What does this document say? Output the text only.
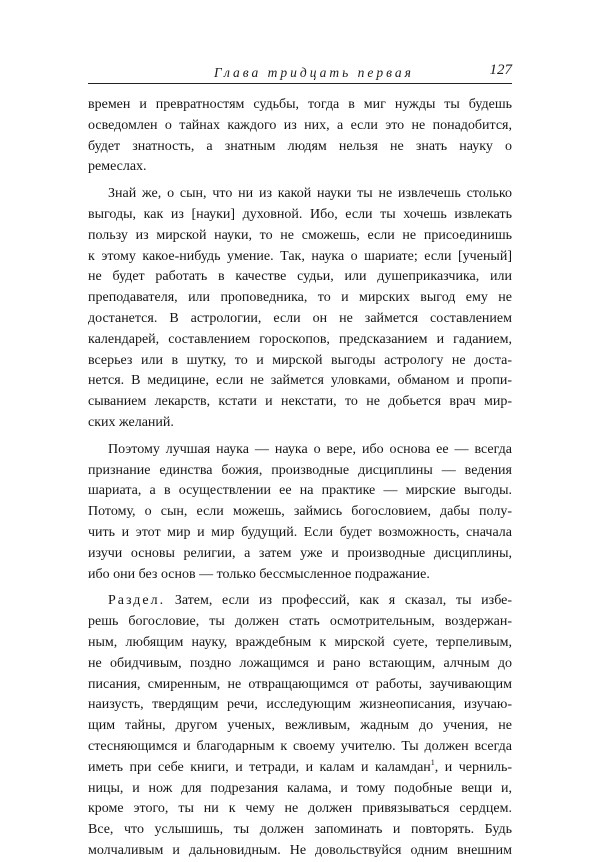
Глава тридцать первая	127
времен и превратностям судьбы, тогда в миг нужды ты будешь
осведомлен о тайнах каждого из них, а если это не понадобится,
будет знатность, а знатным людям нельзя не знать науку о
ремеслах.
Знай же, о сын, что ни из какой науки ты не извлечешь столько
выгоды, как из [науки] духовной. Ибо, если ты хочешь извлекать
пользу из мирской науки, то не сможешь, если не присоединишь
к этому какое-нибудь умение. Так, наука о шариате; если [ученый]
не будет работать в качестве судьи, или душеприказчика, или
преподавателя, или проповедника, то и мирских выгод ему не
достанется. В астрологии, если он не займется составлением
календарей, составлением гороскопов, предсказанием и гаданием,
всерьез или в шутку, то и мирской выгоды астрологу не доста-
нется. В медицине, если не займется уловками, обманом и пропи-
сыванием лекарств, кстати и некстати, то не добьется врач мир-
ских желаний.
Поэтому лучшая наука — наука о вере, ибо основа ее — всегда
признание единства божия, производные дисциплины — ведения
шариата, а в осуществлении ее на практике — мирские выгоды.
Потому, о сын, если можешь, займись богословием, дабы полу-
чить и этот мир и мир будущий. Если будет возможность, сначала
изучи основы религии, а затем уже и производные дисциплины,
ибо они без основ — только бессмысленное подражание.
Раздел. Затем, если из профессий, как я сказал, ты избе-
решь богословие, ты должен стать осмотрительным, воздержан-
ным, любящим науку, враждебным к мирской суете, терпеливым,
не обидчивым, поздно ложащимся и рано встающим, алчным до
писания, смиренным, не отвращающимся от работы, заучивающим
наизусть, твердящим речи, исследующим жизнеописания, изучаю-
щим тайны, другом ученых, вежливым, жадным до учения, не
стесняющимся и благодарным к своему учителю. Ты должен всегда
иметь при себе книги, и тетради, и калам и каламдан$^1$, и черниль-
ницы, и нож для подрезания калама, и тому подобные вещи и,
кроме этого, ты ни к чему не должен привязываться сердцем.
Все, что услышишь, ты должен запоминать и повторять. Будь
молчаливым и дальновидным. Не довольствуйся одним внешним
